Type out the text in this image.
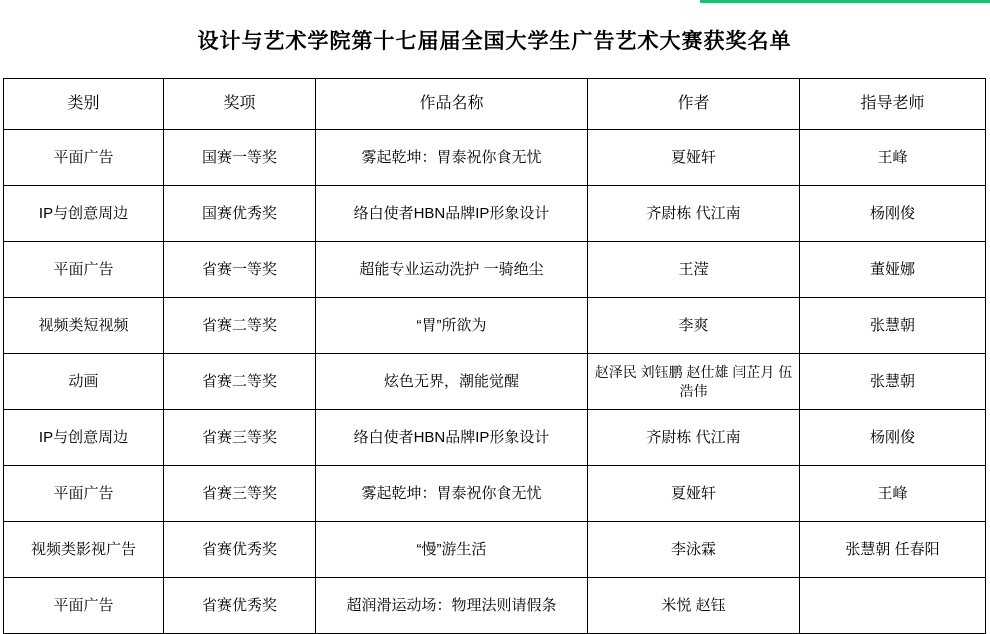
设计与艺术学院第十七届届全国大学生广告艺术大赛获奖名单				
类别	奖项	作品名称	作者	指导老师
平面广告	国赛一等奖	雾起乾坤：胃泰祝你食无忧	夏娅轩	王峰
IP与创意周边	国赛优秀奖	络白使者HBN品牌IP形象设计	齐尉栋 代江南	杨刚俊
平面广告	省赛一等奖	超能专业运动洗护 一骑绝尘	王滢	董娅娜
视频类短视频	省赛二等奖	“胃”所欲为	李爽	张慧朝
动画	省赛二等奖	炫色无界，潮能觉醒	赵泽民 刘钰鹏 赵仕雄 闫芷月 伍浩伟	张慧朝
IP与创意周边	省赛三等奖	络白使者HBN品牌IP形象设计	齐尉栋 代江南	杨刚俊
平面广告	省赛三等奖	雾起乾坤：胃泰祝你食无忧	夏娅轩	王峰
视频类影视广告	省赛优秀奖	“慢”游生活	李泳霖	张慧朝 任春阳
平面广告	省赛优秀奖	超润滑运动场：物理法则请假条	米悦 赵钰	
